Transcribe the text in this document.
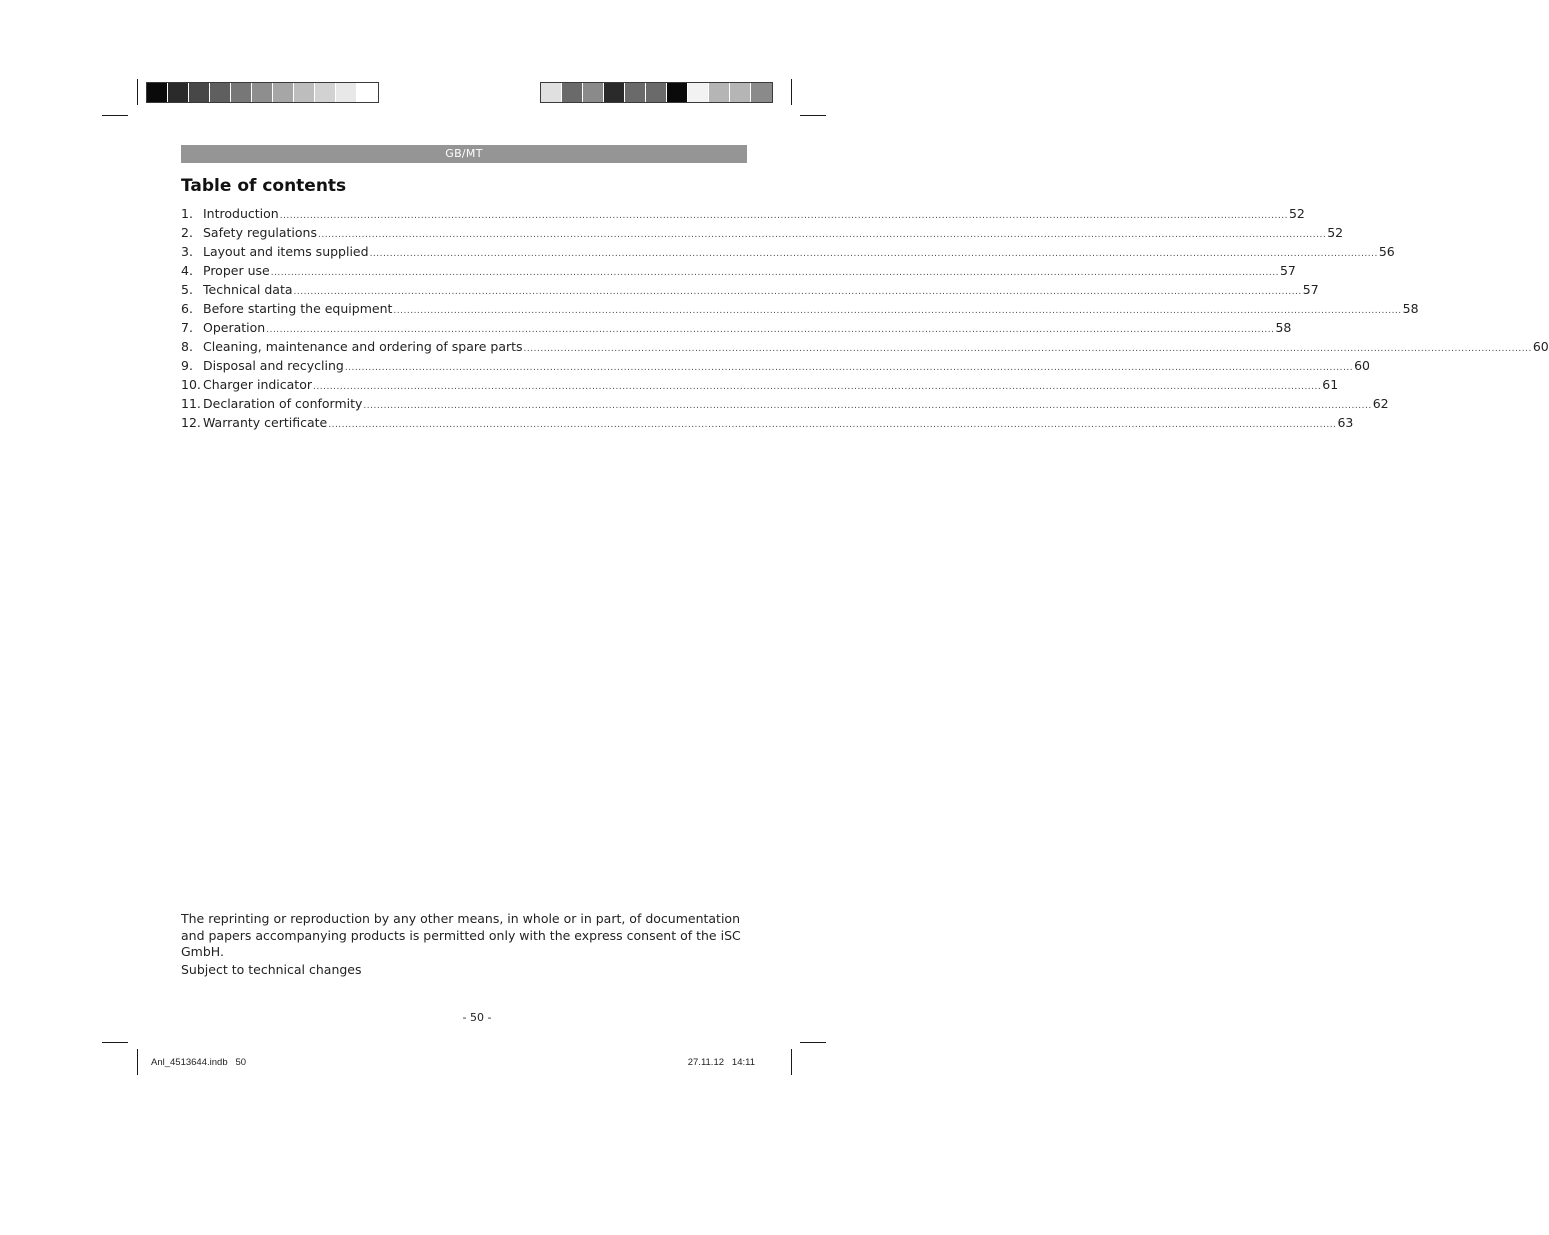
GB/MT
Table of contents
1. Introduction ............................................................................................................................................................................................................................................................................................................ 52
2. Safety regulations ............................................................................................................................................................................................................................................................................................................ 52
3. Layout and items supplied ............................................................................................................................................................................................................................................................................................................ 56
4. Proper use ............................................................................................................................................................................................................................................................................................................ 57
5. Technical data ............................................................................................................................................................................................................................................................................................................ 57
6. Before starting the equipment ............................................................................................................................................................................................................................................................................................................ 58
7. Operation ............................................................................................................................................................................................................................................................................................................ 58
8. Cleaning, maintenance and ordering of spare parts ............................................................................................................................................................................................................................................................................................................ 60
9. Disposal and recycling ............................................................................................................................................................................................................................................................................................................ 60
10. Charger indicator ............................................................................................................................................................................................................................................................................................................ 61
11. Declaration of conformity ............................................................................................................................................................................................................................................................................................................ 62
12. Warranty certificate ............................................................................................................................................................................................................................................................................................................ 63

The reprinting or reproduction by any other means, in whole or in part, of documentation and papers accompanying products is permitted only with the express consent of the iSC GmbH.

Subject to technical changes

- 50 -
Anl_4513644.indb   50	27.11.12   14:11
